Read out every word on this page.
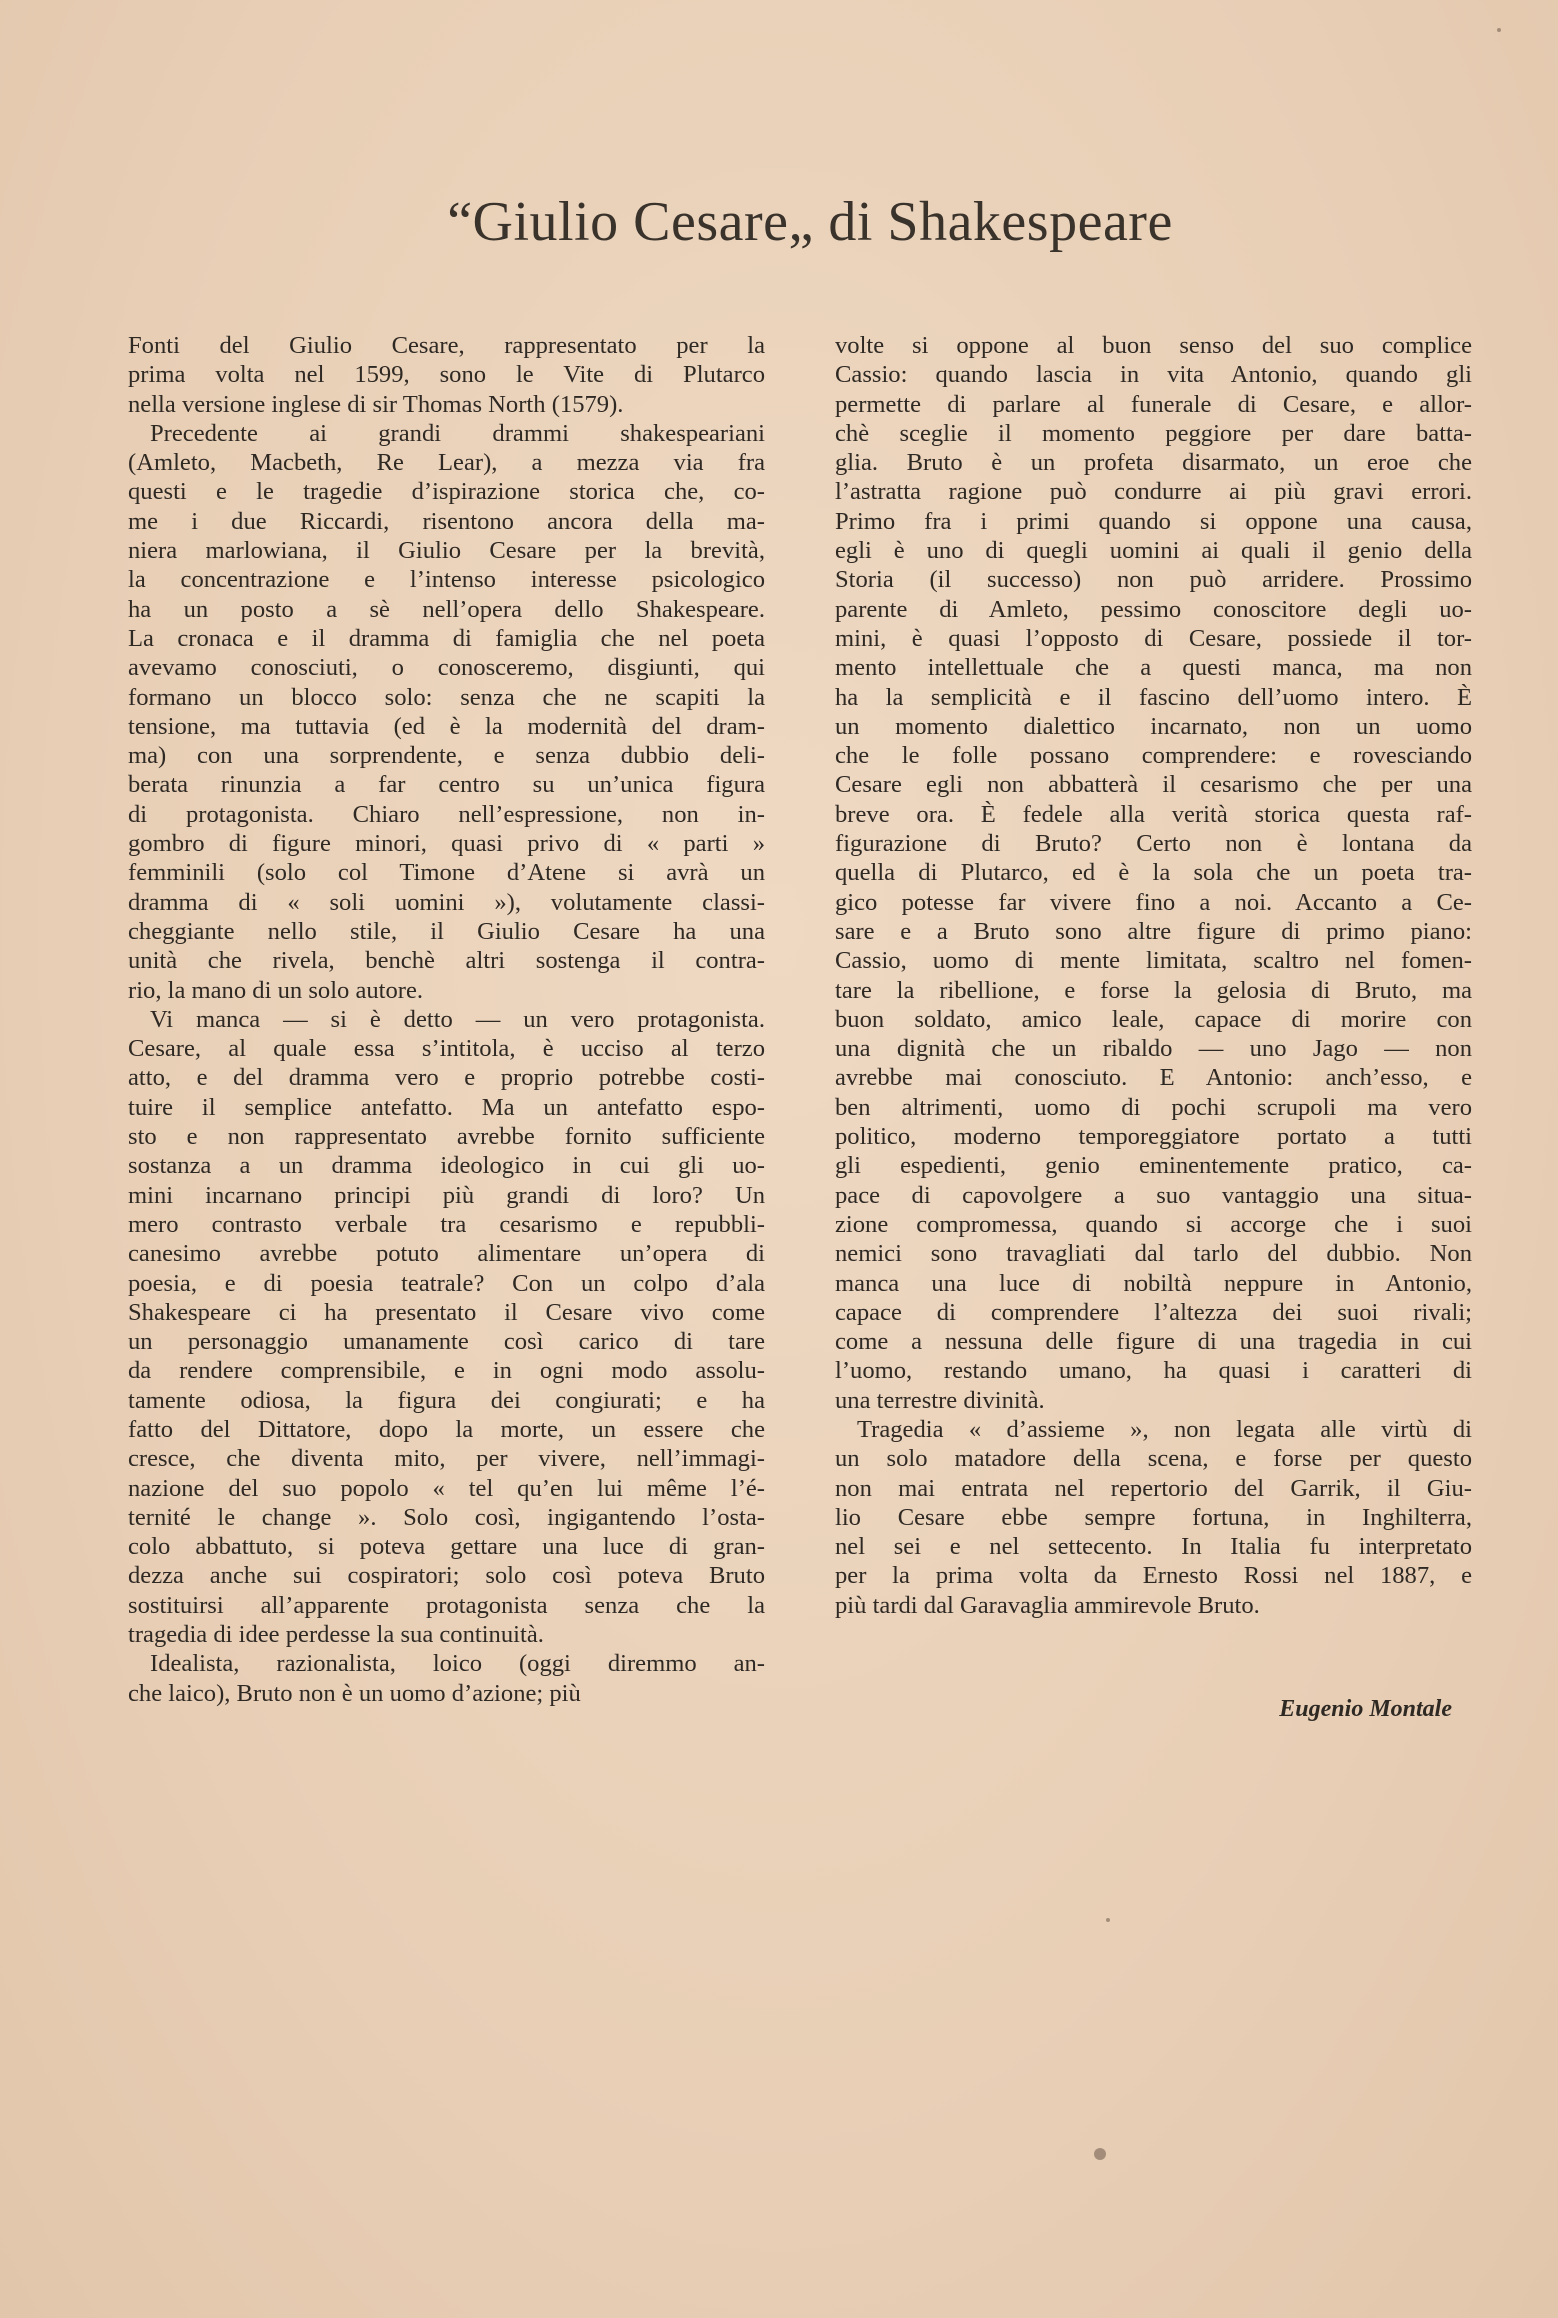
“Giulio Cesare„ di Shakespeare
Fonti del Giulio Cesare, rappresentato per la
prima volta nel 1599, sono le Vite di Plutarco
nella versione inglese di sir Thomas North (1579).
Precedente ai grandi drammi shakespeariani
(Amleto, Macbeth, Re Lear), a mezza via fra
questi e le tragedie d’ispirazione storica che, co-
me i due Riccardi, risentono ancora della ma-
niera marlowiana, il Giulio Cesare per la brevità,
la concentrazione e l’intenso interesse psicologico
ha un posto a sè nell’opera dello Shakespeare.
La cronaca e il dramma di famiglia che nel poeta
avevamo conosciuti, o conosceremo, disgiunti, qui
formano un blocco solo: senza che ne scapiti la
tensione, ma tuttavia (ed è la modernità del dram-
ma) con una sorprendente, e senza dubbio deli-
berata rinunzia a far centro su un’unica figura
di protagonista. Chiaro nell’espressione, non in-
gombro di figure minori, quasi privo di « parti »
femminili (solo col Timone d’Atene si avrà un
dramma di « soli uomini »), volutamente classi-
cheggiante nello stile, il Giulio Cesare ha una
unità che rivela, benchè altri sostenga il contra-
rio, la mano di un solo autore.
Vi manca — si è detto — un vero protagonista.
Cesare, al quale essa s’intitola, è ucciso al terzo
atto, e del dramma vero e proprio potrebbe costi-
tuire il semplice antefatto. Ma un antefatto espo-
sto e non rappresentato avrebbe fornito sufficiente
sostanza a un dramma ideologico in cui gli uo-
mini incarnano principi più grandi di loro? Un
mero contrasto verbale tra cesarismo e repubbli-
canesimo avrebbe potuto alimentare un’opera di
poesia, e di poesia teatrale? Con un colpo d’ala
Shakespeare ci ha presentato il Cesare vivo come
un personaggio umanamente così carico di tare
da rendere comprensibile, e in ogni modo assolu-
tamente odiosa, la figura dei congiurati; e ha
fatto del Dittatore, dopo la morte, un essere che
cresce, che diventa mito, per vivere, nell’immagi-
nazione del suo popolo « tel qu’en lui même l’é-
ternité le change ». Solo così, ingigantendo l’osta-
colo abbattuto, si poteva gettare una luce di gran-
dezza anche sui cospiratori; solo così poteva Bruto
sostituirsi all’apparente protagonista senza che la
tragedia di idee perdesse la sua continuità.
Idealista, razionalista, loico (oggi diremmo an-
che laico), Bruto non è un uomo d’azione; più
volte si oppone al buon senso del suo complice
Cassio: quando lascia in vita Antonio, quando gli
permette di parlare al funerale di Cesare, e allor-
chè sceglie il momento peggiore per dare batta-
glia. Bruto è un profeta disarmato, un eroe che
l’astratta ragione può condurre ai più gravi errori.
Primo fra i primi quando si oppone una causa,
egli è uno di quegli uomini ai quali il genio della
Storia (il successo) non può arridere. Prossimo
parente di Amleto, pessimo conoscitore degli uo-
mini, è quasi l’opposto di Cesare, possiede il tor-
mento intellettuale che a questi manca, ma non
ha la semplicità e il fascino dell’uomo intero. È
un momento dialettico incarnato, non un uomo
che le folle possano comprendere: e rovesciando
Cesare egli non abbatterà il cesarismo che per una
breve ora. È fedele alla verità storica questa raf-
figurazione di Bruto? Certo non è lontana da
quella di Plutarco, ed è la sola che un poeta tra-
gico potesse far vivere fino a noi. Accanto a Ce-
sare e a Bruto sono altre figure di primo piano:
Cassio, uomo di mente limitata, scaltro nel fomen-
tare la ribellione, e forse la gelosia di Bruto, ma
buon soldato, amico leale, capace di morire con
una dignità che un ribaldo — uno Jago — non
avrebbe mai conosciuto. E Antonio: anch’esso, e
ben altrimenti, uomo di pochi scrupoli ma vero
politico, moderno temporeggiatore portato a tutti
gli espedienti, genio eminentemente pratico, ca-
pace di capovolgere a suo vantaggio una situa-
zione compromessa, quando si accorge che i suoi
nemici sono travagliati dal tarlo del dubbio. Non
manca una luce di nobiltà neppure in Antonio,
capace di comprendere l’altezza dei suoi rivali;
come a nessuna delle figure di una tragedia in cui
l’uomo, restando umano, ha quasi i caratteri di
una terrestre divinità.
Tragedia « d’assieme », non legata alle virtù di
un solo matadore della scena, e forse per questo
non mai entrata nel repertorio del Garrik, il Giu-
lio Cesare ebbe sempre fortuna, in Inghilterra,
nel sei e nel settecento. In Italia fu interpretato
per la prima volta da Ernesto Rossi nel 1887, e
più tardi dal Garavaglia ammirevole Bruto.
Eugenio Montale
